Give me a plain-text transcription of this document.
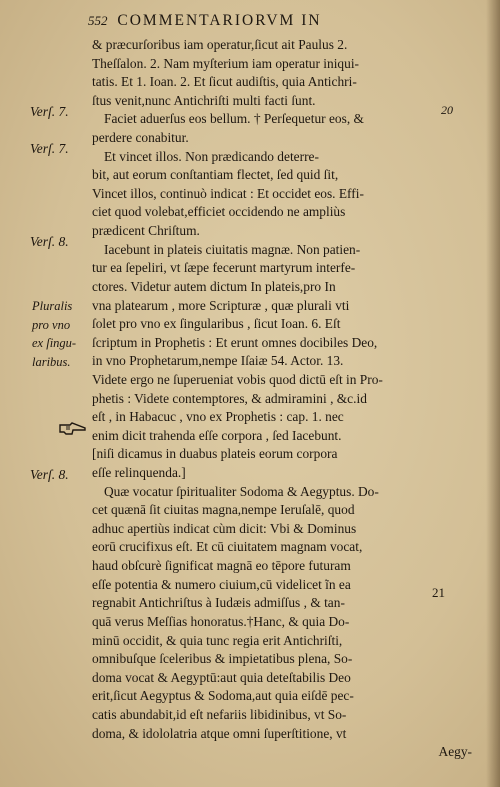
552 COMMENTARIORVM IN
Verſ. 7.
Verſ. 7.
Verſ. 8.
Verſ. 8.
Pluralis
pro vno
ex ſingu-
laribus.
20
21
& præcurſoribus iam operatur,ſicut ait Paulus 2.
Theſſalon. 2. Nam myſterium iam operatur iniqui-
tatis. Et 1. Ioan. 2. Et ſicut audiſtis, quia Antichri-
ſtus venit,nunc Antichriſti multi facti ſunt.
Faciet aduerſus eos bellum. † Perſequetur eos, &
perdere conabitur.
Et vincet illos. Non prædicando deterre-
bit, aut eorum conſtantiam flectet, ſed quid ſit,
Vincet illos, continuò indicat : Et occidet eos. Effi-
ciet quod volebat,efficiet occidendo ne ampliùs
prædicent Chriſtum.
Iacebunt in plateis ciuitatis magnæ. Non patien-
tur ea ſepeliri, vt ſæpe fecerunt martyrum interfe-
ctores. Videtur autem dictum In plateis,pro In
vna platearum , more Scripturæ , quæ plurali vti
ſolet pro vno ex ſingularibus , ſicut Ioan. 6. Eſt
ſcriptum in Prophetis : Et erunt omnes docibiles Deo,
in vno Prophetarum,nempe Iſaiæ 54. Actor. 13.
Videte ergo ne ſuperueniat vobis quod dictū eſt in Pro-
phetis : Videte contemptores, & admiramini , &c.id
eſt , in Habacuc , vno ex Prophetis : cap. 1. nec
enim dicit trahenda eſſe corpora , ſed Iacebunt.
[niſi dicamus in duabus plateis eorum corpora
eſſe relinquenda.]
Quæ vocatur ſpiritualiter Sodoma & Aegyptus. Do-
cet quænā ſit ciuitas magna,nempe Ieruſalē, quod
adhuc apertiùs indicat cùm dicit: Vbi & Dominus
eorū crucifixus eſt. Et cū ciuitatem magnam vocat,
haud obſcurè ſignificat magnā eo tēpore futuram
eſſe potentia & numero ciuium,cū videlicet ĩn ea
regnabit Antichriſtus à Iudæis admiſſus , & tan-
quā verus Meſſias honoratus.†Hanc, & quia Do-
minū occidit, & quia tunc regia erit Antichriſti,
omnibuſque ſceleribus & impietatibus plena, So-
doma vocat & Aegyptū:aut quia deteſtabilis Deo
erit,ſicut Aegyptus & Sodoma,aut quia eiſdē pec-
catis abundabit,id eſt nefariis libidinibus, vt So-
doma, & idololatria atque omni ſuperſtitione, vt
Aegy-
